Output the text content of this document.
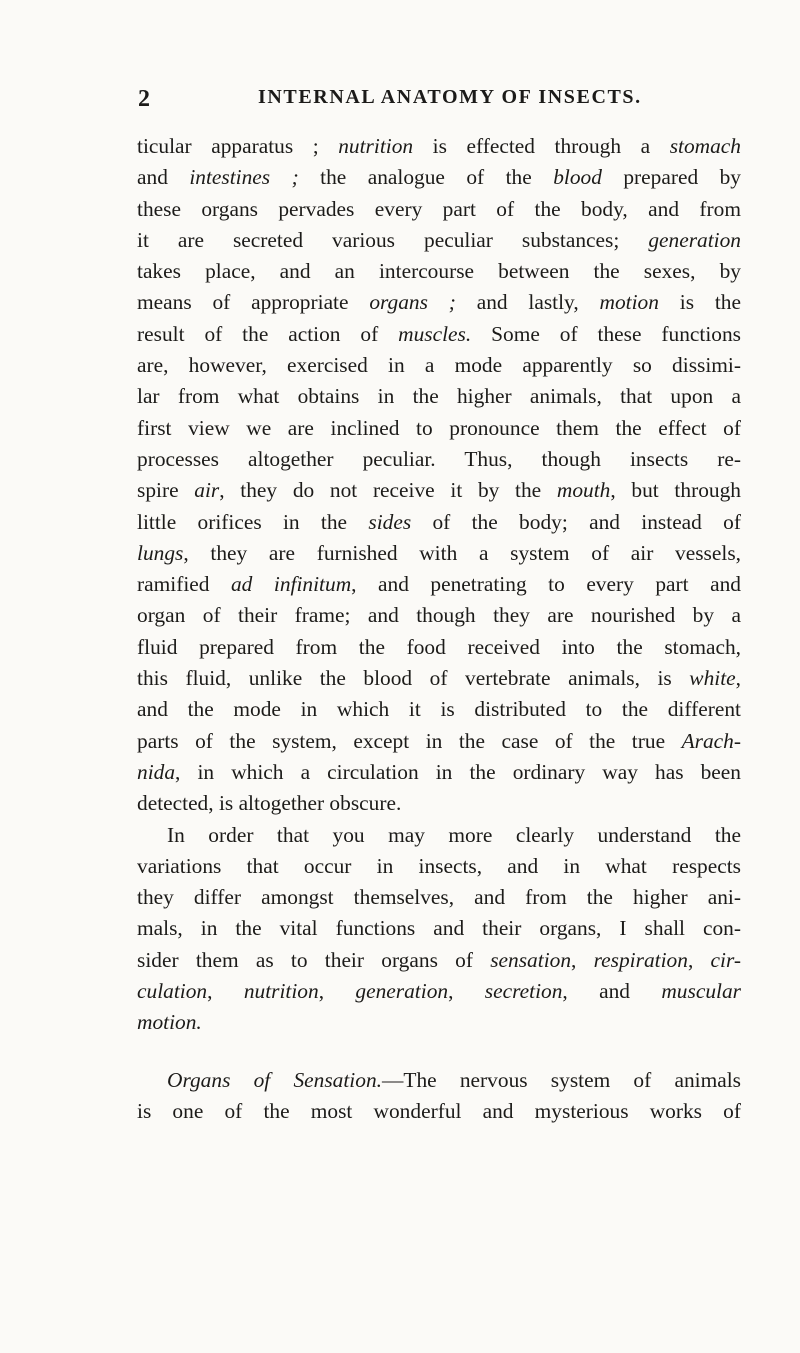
2	INTERNAL ANATOMY OF INSECTS.
ticular apparatus ; nutrition is effected through a stomach
and intestines ; the analogue of the blood prepared by
these organs pervades every part of the body, and from
it are secreted various peculiar substances; generation
takes place, and an intercourse between the sexes, by
means of appropriate organs ; and lastly, motion is the
result of the action of muscles. Some of these functions
are, however, exercised in a mode apparently so dissimi-
lar from what obtains in the higher animals, that upon a
first view we are inclined to pronounce them the effect of
processes altogether peculiar. Thus, though insects re-
spire air, they do not receive it by the mouth, but through
little orifices in the sides of the body; and instead of
lungs, they are furnished with a system of air vessels,
ramified ad infinitum, and penetrating to every part and
organ of their frame; and though they are nourished by a
fluid prepared from the food received into the stomach,
this fluid, unlike the blood of vertebrate animals, is white,
and the mode in which it is distributed to the different
parts of the system, except in the case of the true Arach-
nida, in which a circulation in the ordinary way has been
detected, is altogether obscure.
In order that you may more clearly understand the
variations that occur in insects, and in what respects
they differ amongst themselves, and from the higher ani-
mals, in the vital functions and their organs, I shall con-
sider them as to their organs of sensation, respiration, cir-
culation, nutrition, generation, secretion, and muscular
motion.
Organs of Sensation.—The nervous system of animals
is one of the most wonderful and mysterious works of
